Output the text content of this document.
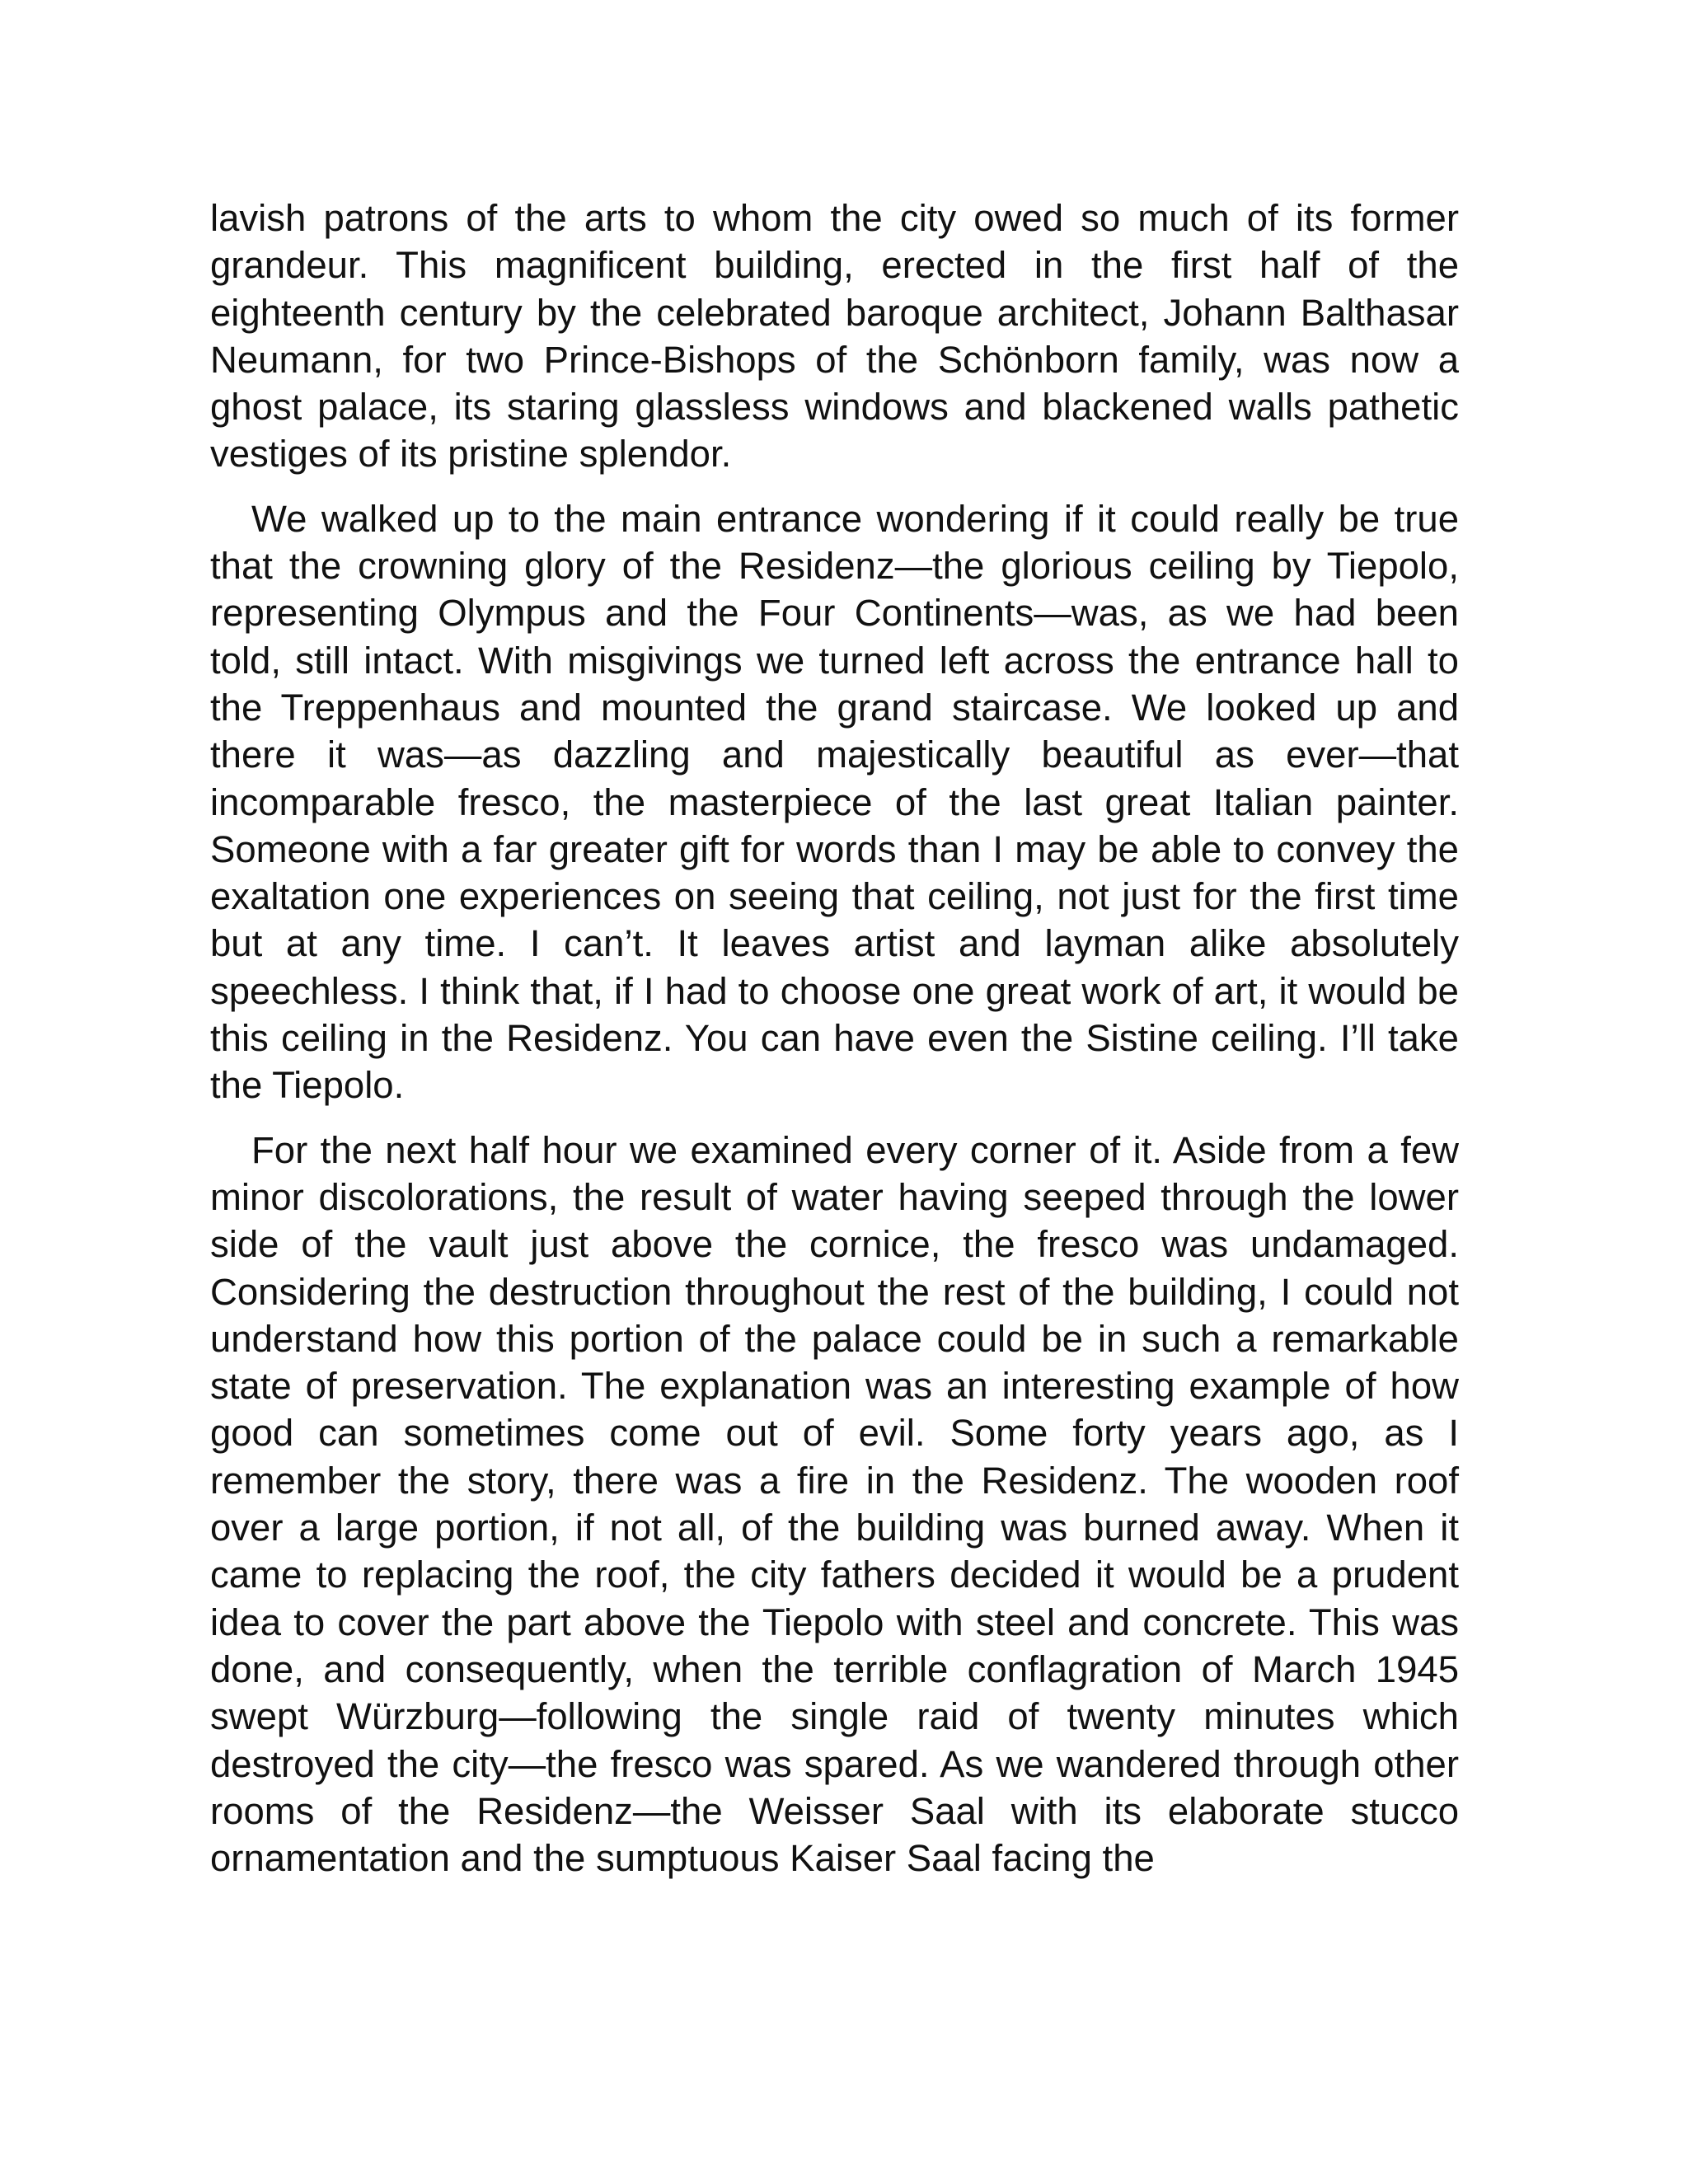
lavish patrons of the arts to whom the city owed so much of its former grandeur. This magnificent building, erected in the first half of the eighteenth century by the celebrated baroque architect, Johann Balthasar Neumann, for two Prince-Bishops of the Schönborn family, was now a ghost palace, its staring glassless windows and blackened walls pathetic vestiges of its pristine splendor.

We walked up to the main entrance wondering if it could really be true that the crowning glory of the Residenz—the glorious ceiling by Tiepolo, representing Olympus and the Four Continents—was, as we had been told, still intact. With misgivings we turned left across the entrance hall to the Treppenhaus and mounted the grand staircase. We looked up and there it was—as dazzling and majestically beautiful as ever—that incomparable fresco, the masterpiece of the last great Italian painter. Someone with a far greater gift for words than I may be able to convey the exaltation one experiences on seeing that ceiling, not just for the first time but at any time. I can’t. It leaves artist and layman alike absolutely speechless. I think that, if I had to choose one great work of art, it would be this ceiling in the Residenz. You can have even the Sistine ceiling. I’ll take the Tiepolo.

For the next half hour we examined every corner of it. Aside from a few minor discolorations, the result of water having seeped through the lower side of the vault just above the cornice, the fresco was undamaged. Considering the destruction throughout the rest of the building, I could not understand how this portion of the palace could be in such a remarkable state of preservation. The explanation was an interesting example of how good can sometimes come out of evil. Some forty years ago, as I remember the story, there was a fire in the Residenz. The wooden roof over a large portion, if not all, of the building was burned away. When it came to replacing the roof, the city fathers decided it would be a prudent idea to cover the part above the Tiepolo with steel and concrete. This was done, and consequently, when the terrible conflagration of March 1945 swept Würzburg—following the single raid of twenty minutes which destroyed the city—the fresco was spared. As we wandered through other rooms of the Residenz—the Weisser Saal with its elaborate stucco ornamentation and the sumptuous Kaiser Saal facing the
